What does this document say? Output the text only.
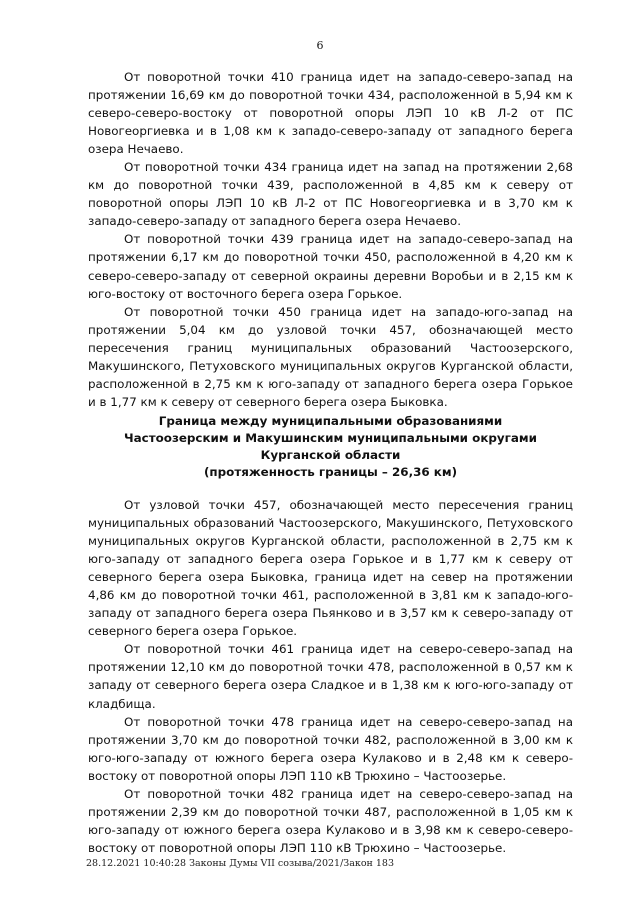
6

От поворотной точки 410 граница идет на западо-северо-запад на протяжении 16,69 км до поворотной точки 434, расположенной в 5,94 км к северо-северо-востоку от поворотной опоры ЛЭП 10 кВ Л-2 от ПС Новогеоргиевка и в 1,08 км к западо-северо-западу от западного берега озера Нечаево.

От поворотной точки 434 граница идет на запад на протяжении 2,68 км до поворотной точки 439, расположенной в 4,85 км к северу от поворотной опоры ЛЭП 10 кВ Л-2 от ПС Новогеоргиевка и в 3,70 км к западо-северо-западу от западного берега озера Нечаево.

От поворотной точки 439 граница идет на западо-северо-запад на протяжении 6,17 км до поворотной точки 450, расположенной в 4,20 км к северо-северо-западу от северной окраины деревни Воробьи и в 2,15 км к юго-востоку от восточного берега озера Горькое.

От поворотной точки 450 граница идет на западо-юго-запад на протяжении 5,04 км до узловой точки 457, обозначающей место пересечения границ муниципальных образований Частоозерского, Макушинского, Петуховского муниципальных округов Курганской области, расположенной в 2,75 км к юго-западу от западного берега озера Горькое и в 1,77 км к северу от северного берега озера Быковка.

Граница между муниципальными образованиями
Частоозерским и Макушинским муниципальными округами
Курганской области
(протяженность границы – 26,36 км)

От узловой точки 457, обозначающей место пересечения границ муниципальных образований Частоозерского, Макушинского, Петуховского муниципальных округов Курганской области, расположенной в 2,75 км к юго-западу от западного берега озера Горькое и в 1,77 км к северу от северного берега озера Быковка, граница идет на север на протяжении 4,86 км до поворотной точки 461, расположенной в 3,81 км к западо-юго-западу от западного берега озера Пьянково и в 3,57 км к северо-западу от северного берега озера Горькое.

От поворотной точки 461 граница идет на северо-северо-запад на протяжении 12,10 км до поворотной точки 478, расположенной в 0,57 км к западу от северного берега озера Сладкое и в 1,38 км к юго-юго-западу от кладбища.

От поворотной точки 478 граница идет на северо-северо-запад на протяжении 3,70 км до поворотной точки 482, расположенной в 3,00 км к юго-юго-западу от южного берега озера Кулаково и в 2,48 км к северо-востоку от поворотной опоры ЛЭП 110 кВ Трюхино – Частоозерье.

От поворотной точки 482 граница идет на северо-северо-запад на протяжении 2,39 км до поворотной точки 487, расположенной в 1,05 км к юго-западу от южного берега озера Кулаково и в 3,98 км к северо-северо-востоку от поворотной опоры ЛЭП 110 кВ Трюхино – Частоозерье.

28.12.2021 10:40:28 Законы Думы VII созыва/2021/Закон 183
